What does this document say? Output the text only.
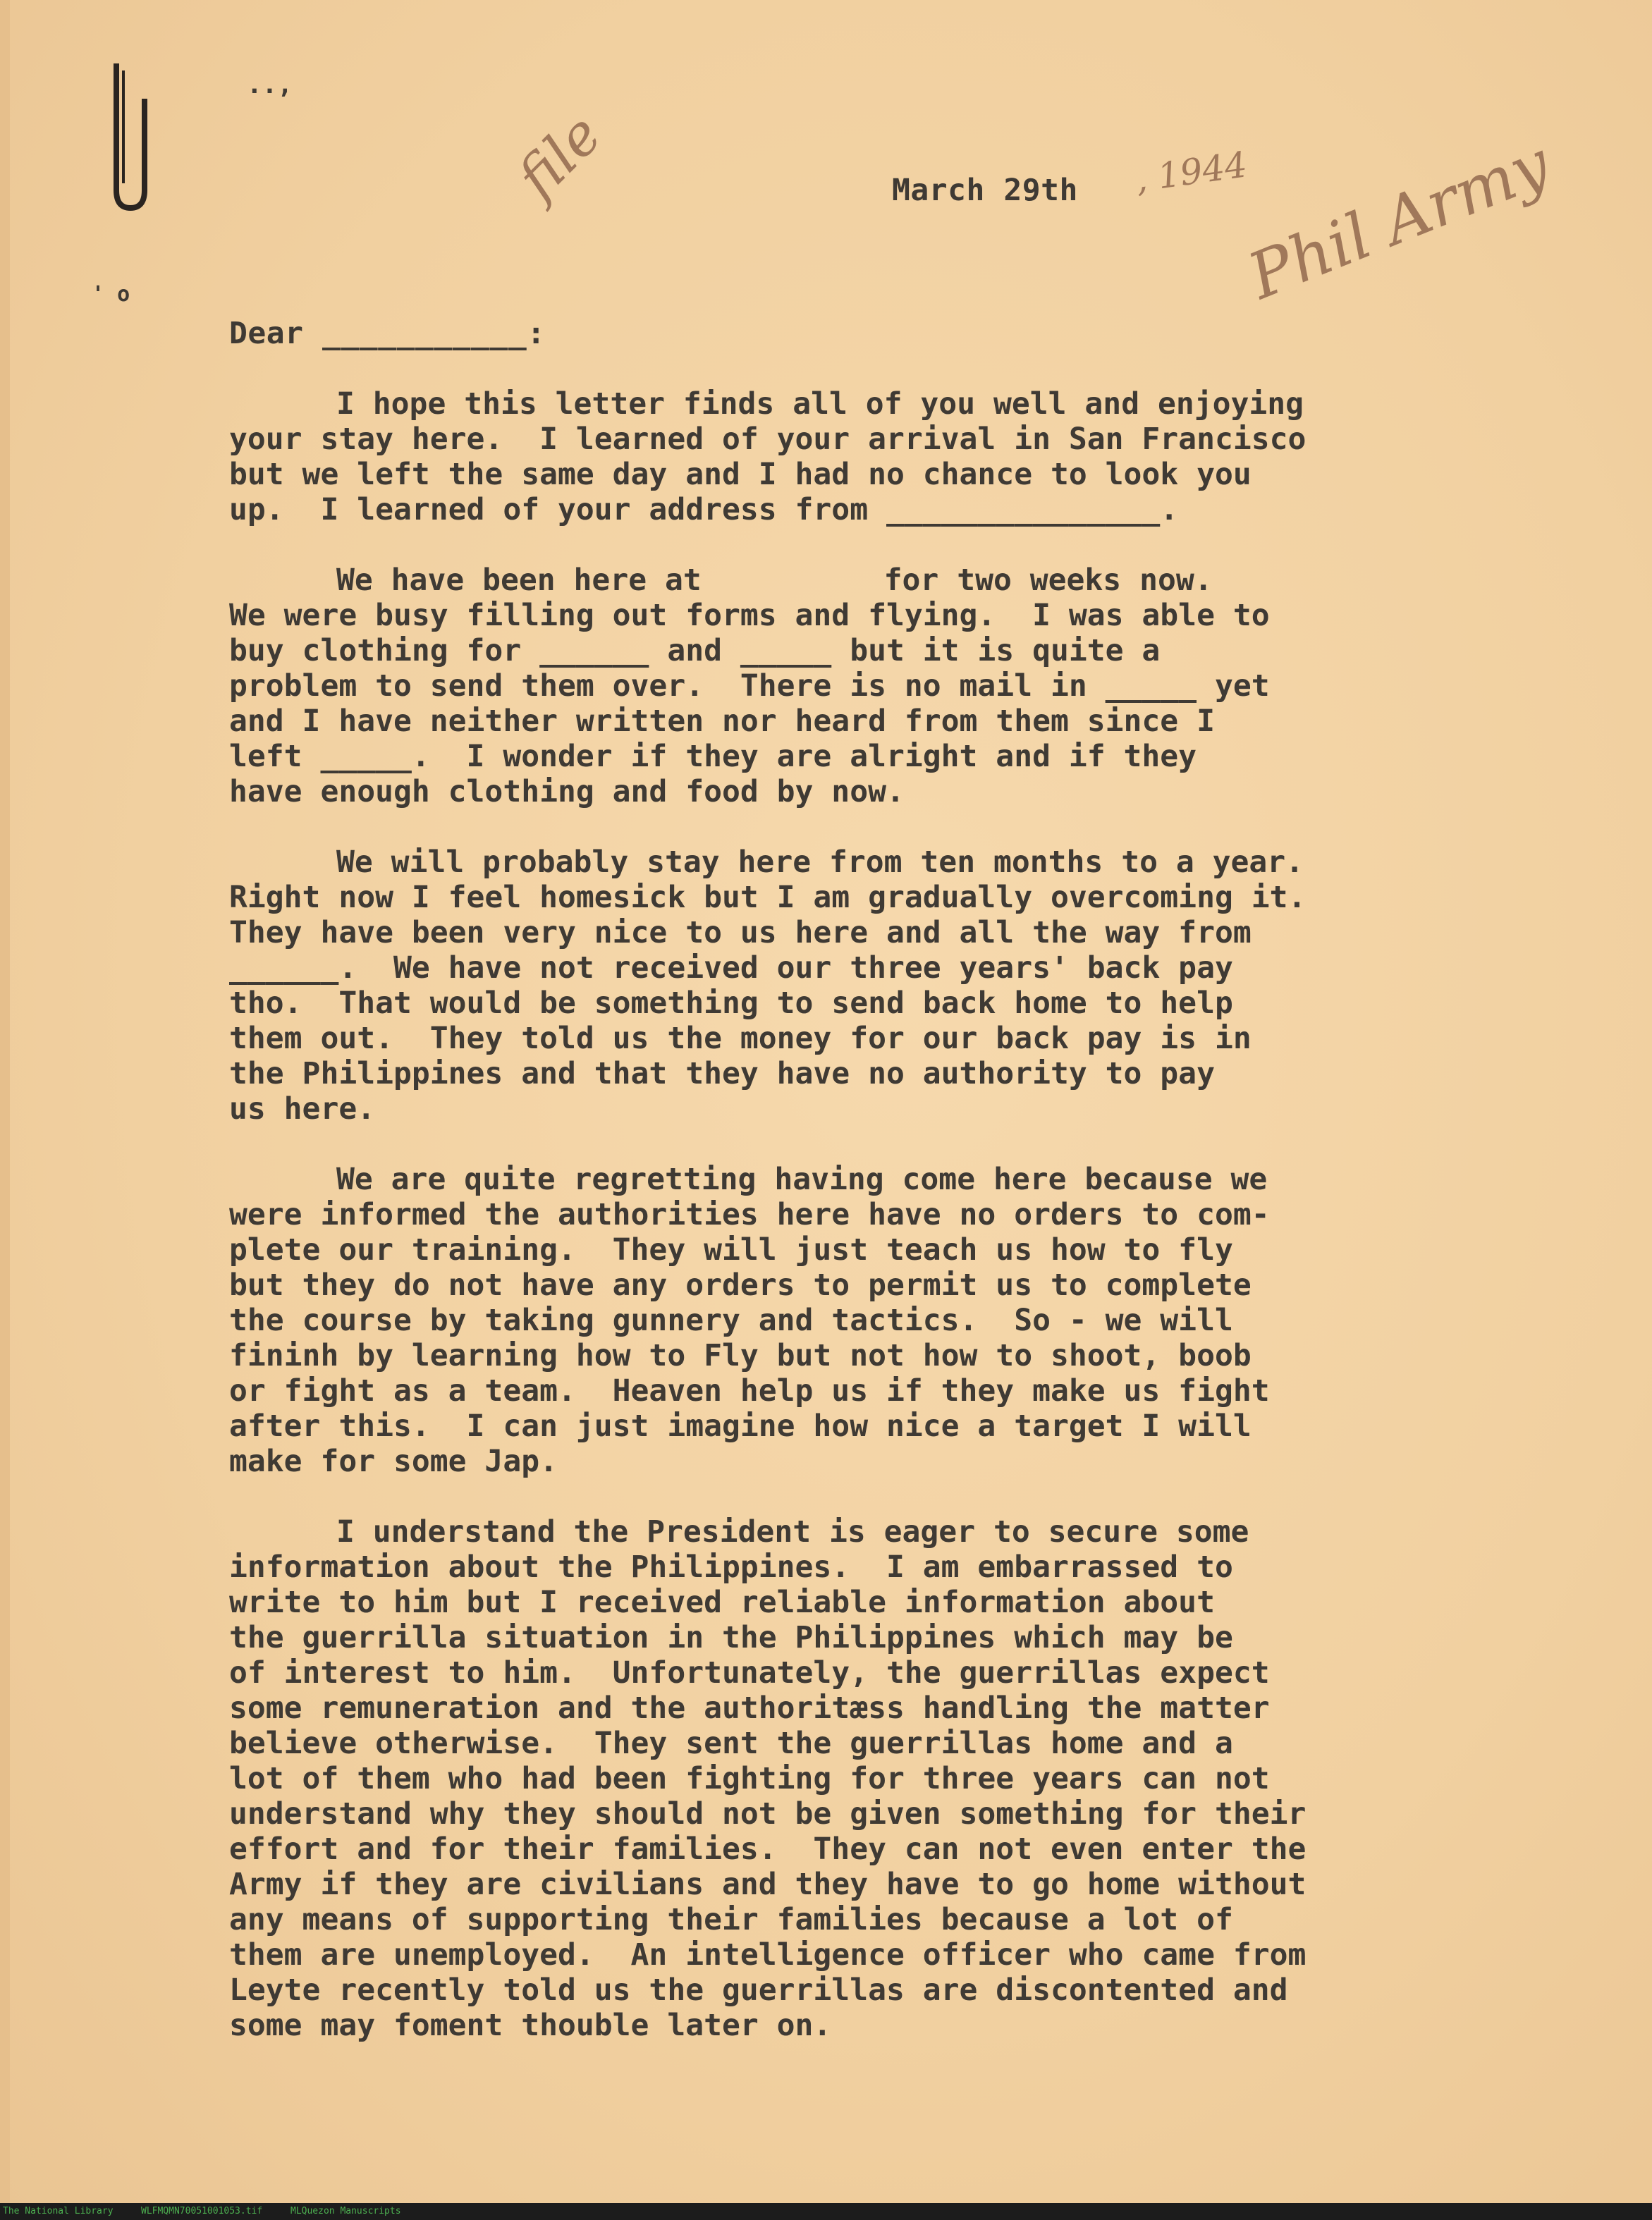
..,
' o
file	, 1944
Phil Army
March 29th
Dear ___________:
I hope this letter finds all of you well and enjoying
your stay here.  I learned of your arrival in San Francisco
but we left the same day and I had no chance to look you
up.  I learned of your address from _______________.
We have been here at          for two weeks now.
We were busy filling out forms and flying.  I was able to
buy clothing for ______ and _____ but it is quite a
problem to send them over.  There is no mail in _____ yet
and I have neither written nor heard from them since I
left _____.  I wonder if they are alright and if they
have enough clothing and food by now.
We will probably stay here from ten months to a year.
Right now I feel homesick but I am gradually overcoming it.
They have been very nice to us here and all the way from
______.  We have not received our three years' back pay
tho.  That would be something to send back home to help
them out.  They told us the money for our back pay is in
the Philippines and that they have no authority to pay
us here.
We are quite regretting having come here because we
were informed the authorities here have no orders to com-
plete our training.  They will just teach us how to fly
but they do not have any orders to permit us to complete
the course by taking gunnery and tactics.  So - we will
fininh by learning how to Fly but not how to shoot, boob
or fight as a team.  Heaven help us if they make us fight
after this.  I can just imagine how nice a target I will
make for some Jap.
I understand the President is eager to secure some
information about the Philippines.  I am embarrassed to
write to him but I received reliable information about
the guerrilla situation in the Philippines which may be
of interest to him.  Unfortunately, the guerrillas expect
some remuneration and the authoritæss handling the matter
believe otherwise.  They sent the guerrillas home and a
lot of them who had been fighting for three years can not
understand why they should not be given something for their
effort and for their families.  They can not even enter the
Army if they are civilians and they have to go home without
any means of supporting their families because a lot of
them are unemployed.  An intelligence officer who came from
Leyte recently told us the guerrillas are discontented and
some may foment thouble later on.
The National Library	WLFMQMN70051001053.tif	MLQuezon Manuscripts
